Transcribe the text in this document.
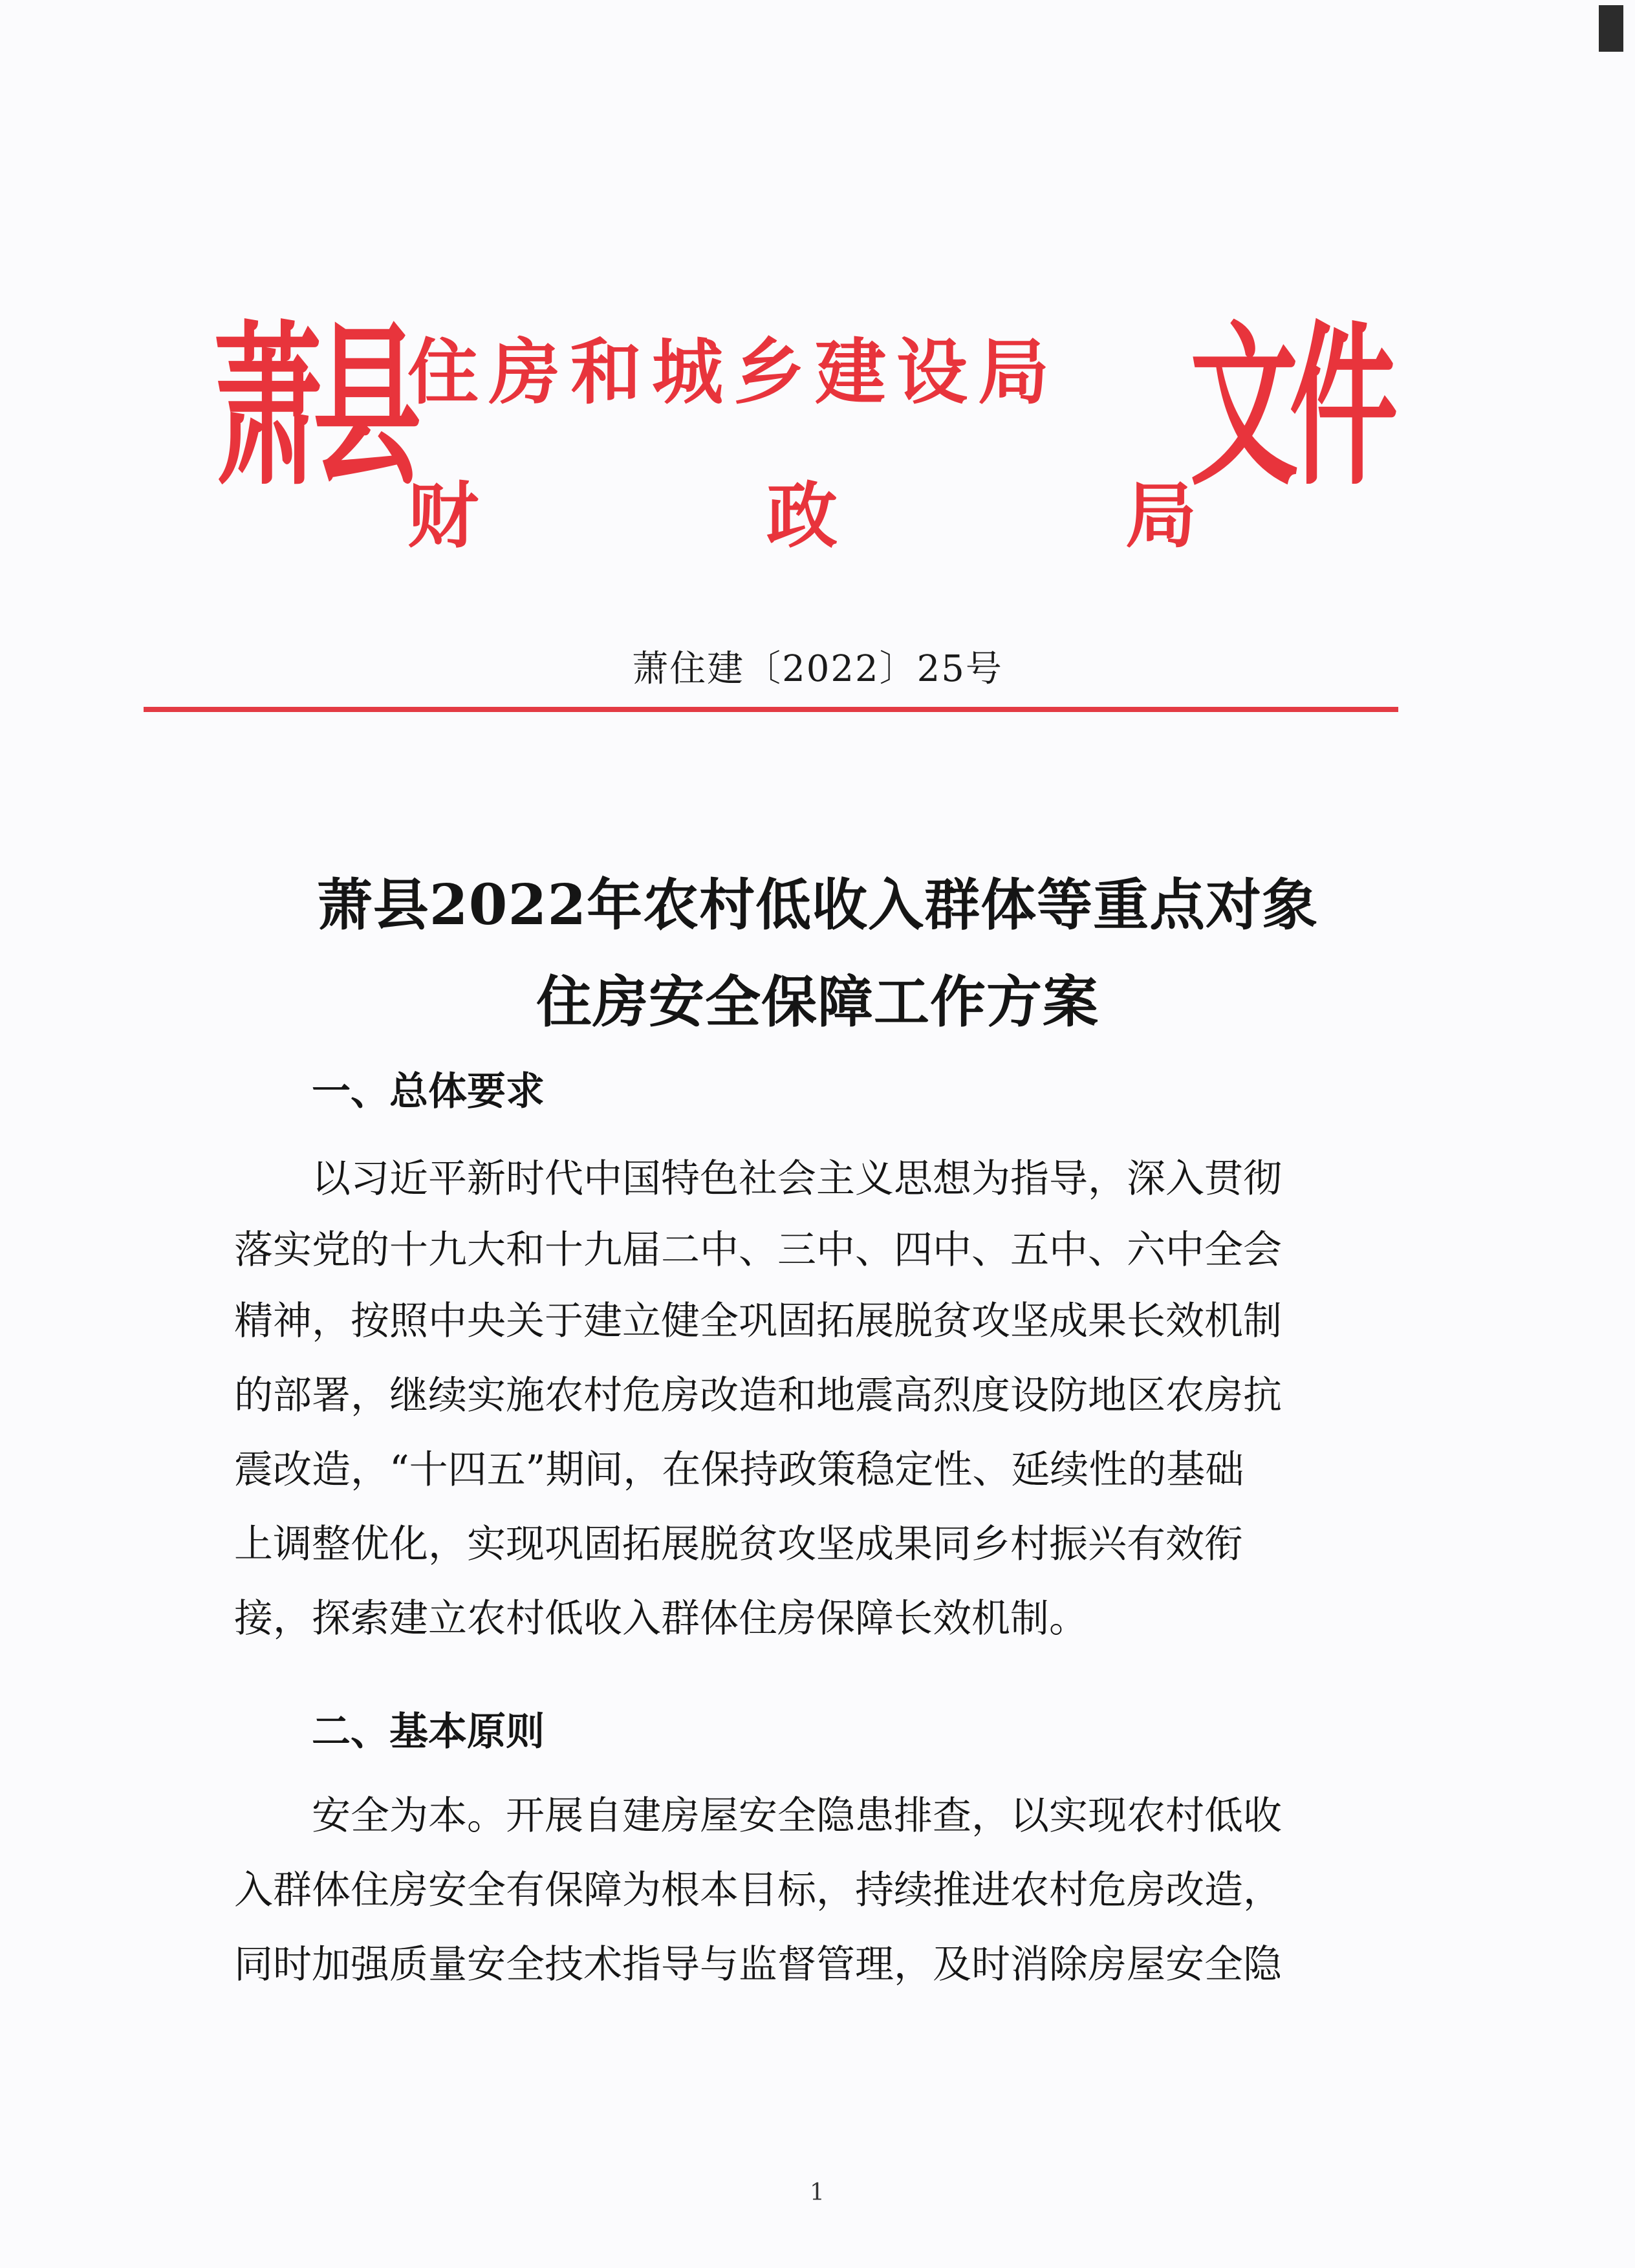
萧县
住房和城乡建设局
财	政	局
文件
萧住建〔2022〕25号
萧县2022年农村低收入群体等重点对象
住房安全保障工作方案
一、总体要求
以习近平新时代中国特色社会主义思想为指导，深入贯彻
落实党的十九大和十九届二中、三中、四中、五中、六中全会
精神，按照中央关于建立健全巩固拓展脱贫攻坚成果长效机制
的部署，继续实施农村危房改造和地震高烈度设防地区农房抗
震改造，“十四五”期间，在保持政策稳定性、延续性的基础
上调整优化，实现巩固拓展脱贫攻坚成果同乡村振兴有效衔
接，探索建立农村低收入群体住房保障长效机制。
二、基本原则
安全为本。开展自建房屋安全隐患排查，以实现农村低收
入群体住房安全有保障为根本目标，持续推进农村危房改造，
同时加强质量安全技术指导与监督管理，及时消除房屋安全隐
1
